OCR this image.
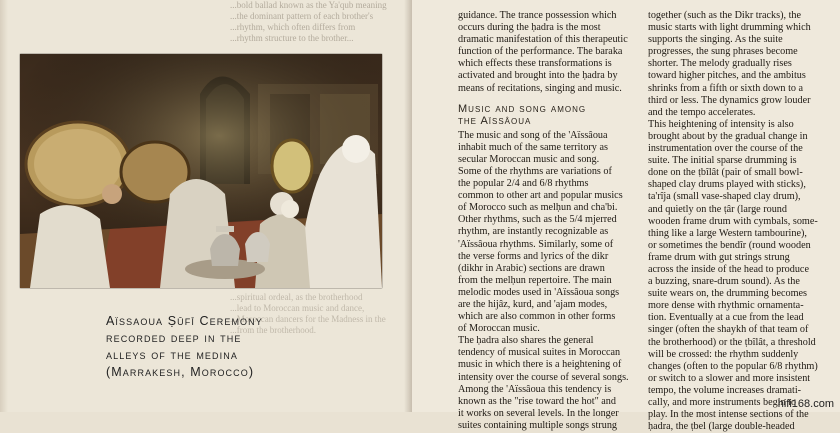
...bold ballad known as the Ya'qub meaning
...the dominant pattern of each brother's
...rhythm, which often differs from
...rhythm structure to the brother...
...spiritual ordeal, as the brotherhood
...lead to Moroccan music and dance,
...Moroccan dancers for the Madness in the
...from the brotherhood.
Aïssaoua Ṣūfī Ceremony
recorded deep in the
alleys of the medina
(Marrakesh, Morocco)
guidance. The trance possession which
occurs during the ḥadra is the most
dramatic manifestation of this therapeutic
function of the performance. The baraka
which effects these transformations is
activated and brought into the ḥadra by
means of recitations, singing and music.
Music and song among
the Aïssâoua
The music and song of the 'Aïssâoua
inhabit much of the same territory as
secular Moroccan music and song.
Some of the rhythms are variations of
the popular 2/4 and 6/8 rhythms
common to other art and popular musics
of Morocco such as melḥun and cha'bi.
Other rhythms, such as the 5/4 mjerred
rhythm, are instantly recognizable as
'Aïssâoua rhythms. Similarly, some of
the verse forms and lyrics of the dikr
(dikhr in Arabic) sections are drawn
from the melḥun repertoire. The main
melodic modes used in 'Aïssâoua songs
are the hijâz, kurd, and 'ajam modes,
which are also common in other forms
of Moroccan music.
The ḥadra also shares the general
tendency of musical suites in Moroccan
music in which there is a heightening of
intensity over the course of several songs.
Among the 'Aïssâoua this tendency is
known as the "rise toward the hot" and
it works on several levels. In the longer
suites containing multiple songs strung
together (such as the Dikr tracks), the
music starts with light drumming which
supports the singing. As the suite
progresses, the sung phrases become
shorter. The melody gradually rises
toward higher pitches, and the ambitus
shrinks from a fifth or sixth down to a
third or less. The dynamics grow louder
and the tempo accelerates.
This heightening of intensity is also
brought about by the gradual change in
instrumentation over the course of the
suite. The initial sparse drumming is
done on the ṭbîlât (pair of small bowl-
shaped clay drums played with sticks),
ta'rîja (small vase-shaped clay drum),
and quietly on the ṭâr (large round
wooden frame drum with cymbals, some-
thing like a large Western tambourine),
or sometimes the bendîr (round wooden
frame drum with gut strings strung
across the inside of the head to produce
a buzzing, snare-drum sound). As the
suite wears on, the drumming becomes
more dense with rhythmic ornamenta-
tion. Eventually at a cue from the lead
singer (often the shaykh of that team of
the brotherhood) or the ṭbîlât, a threshold
will be crossed: the rhythm suddenly
changes (often to the popular 6/8 rhythm)
or switch to a slower and more insistent
tempo, the volume increases dramati-
cally, and more instruments begin to
play. In the most intense sections of the
ḥadra, the ṭbel (large double-headed
hifi168.com
